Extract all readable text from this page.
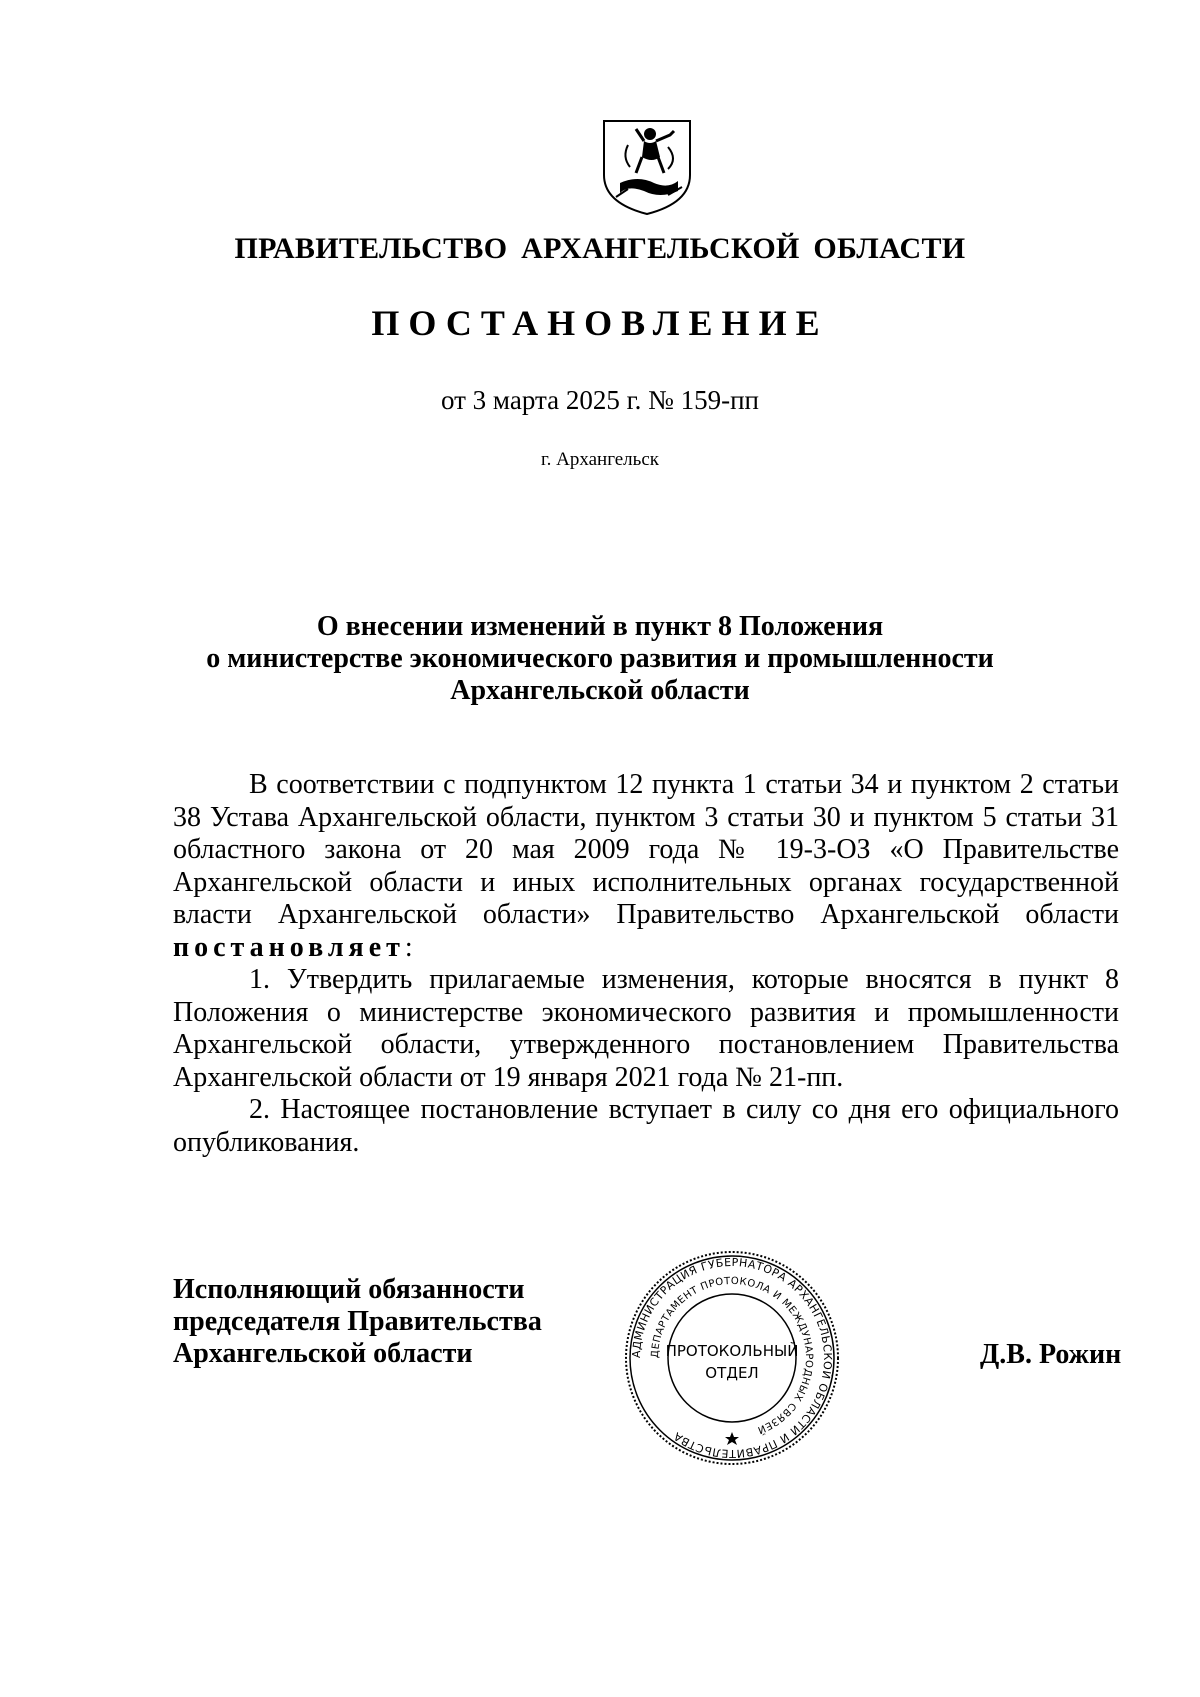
ПРАВИТЕЛЬСТВО АРХАНГЕЛЬСКОЙ ОБЛАСТИ
ПОСТАНОВЛЕНИЕ
от 3 марта 2025 г. № 159-пп
г. Архангельск
О внесении изменений в пункт 8 Положения
о министерстве экономического развития и промышленности
Архангельской области

В соответствии с подпунктом 12 пункта 1 статьи 34 и пунктом 2 статьи 38 Устава Архангельской области, пунктом 3 статьи 30 и пунктом 5 статьи 31 областного закона от 20 мая 2009 года № 19-3-ОЗ «О Правительстве Архангельской области и иных исполнительных органах государственной власти Архангельской области» Правительство Архангельской области постановляет:

1. Утвердить прилагаемые изменения, которые вносятся в пункт 8 Положения о министерстве экономического развития и промышленности Архангельской области, утвержденного постановлением Правительства Архангельской области от 19 января 2021 года № 21-пп.

2. Настоящее постановление вступает в силу со дня его официального опубликования.

Исполняющий обязанности
председателя Правительства
Архангельской области	АДМИНИСТРАЦИЯ ГУБЕРНАТОРА АРХАНГЕЛЬСКОЙ ОБЛАСТИ И ПРАВИТЕЛЬСТВА
ДЕПАРТАМЕНТ ПРОТОКОЛА И МЕЖДУНАРОДНЫХ СВЯЗЕЙ
ПРОТОКОЛЬНЫЙ
ОТДЕЛ
Д.В. Рожин
